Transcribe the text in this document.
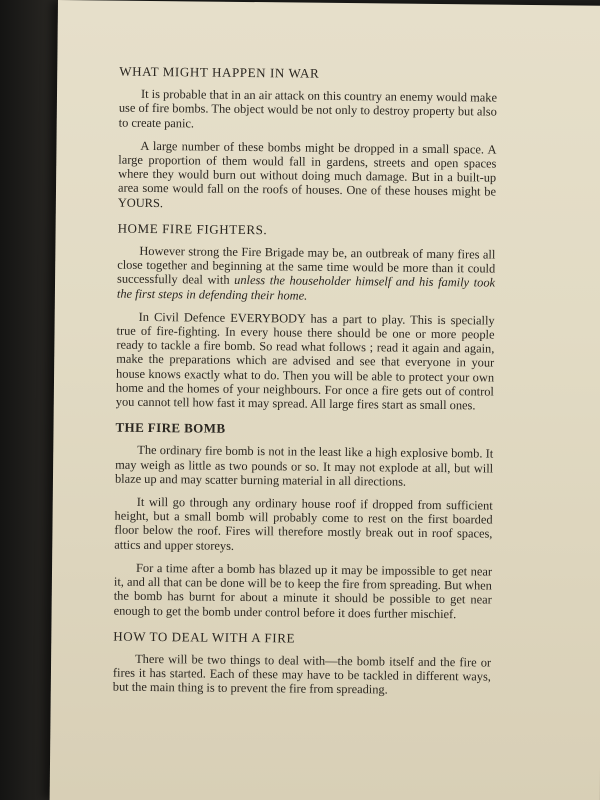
WHAT MIGHT HAPPEN IN WAR

It is probable that in an air attack on this country an enemy would make use of fire bombs. The object would be not only to destroy property but also to create panic.

A large number of these bombs might be dropped in a small space. A large proportion of them would fall in gardens, streets and open spaces where they would burn out without doing much damage. But in a built-up area some would fall on the roofs of houses. One of these houses might be YOURS.

HOME FIRE FIGHTERS.

However strong the Fire Brigade may be, an outbreak of many fires all close together and beginning at the same time would be more than it could successfully deal with unless the householder himself and his family took the first steps in defending their home.

In Civil Defence EVERYBODY has a part to play. This is specially true of fire-fighting. In every house there should be one or more people ready to tackle a fire bomb. So read what follows ; read it again and again, make the preparations which are advised and see that everyone in your house knows exactly what to do. Then you will be able to protect your own home and the homes of your neighbours. For once a fire gets out of control you cannot tell how fast it may spread. All large fires start as small ones.

THE FIRE BOMB

The ordinary fire bomb is not in the least like a high explosive bomb. It may weigh as little as two pounds or so. It may not explode at all, but will blaze up and may scatter burning material in all directions.

It will go through any ordinary house roof if dropped from sufficient height, but a small bomb will probably come to rest on the first boarded floor below the roof. Fires will therefore mostly break out in roof spaces, attics and upper storeys.

For a time after a bomb has blazed up it may be impossible to get near it, and all that can be done will be to keep the fire from spreading. But when the bomb has burnt for about a minute it should be possible to get near enough to get the bomb under control before it does further mischief.

HOW TO DEAL WITH A FIRE

There will be two things to deal with—the bomb itself and the fire or fires it has started. Each of these may have to be tackled in different ways, but the main thing is to prevent the fire from spreading.
